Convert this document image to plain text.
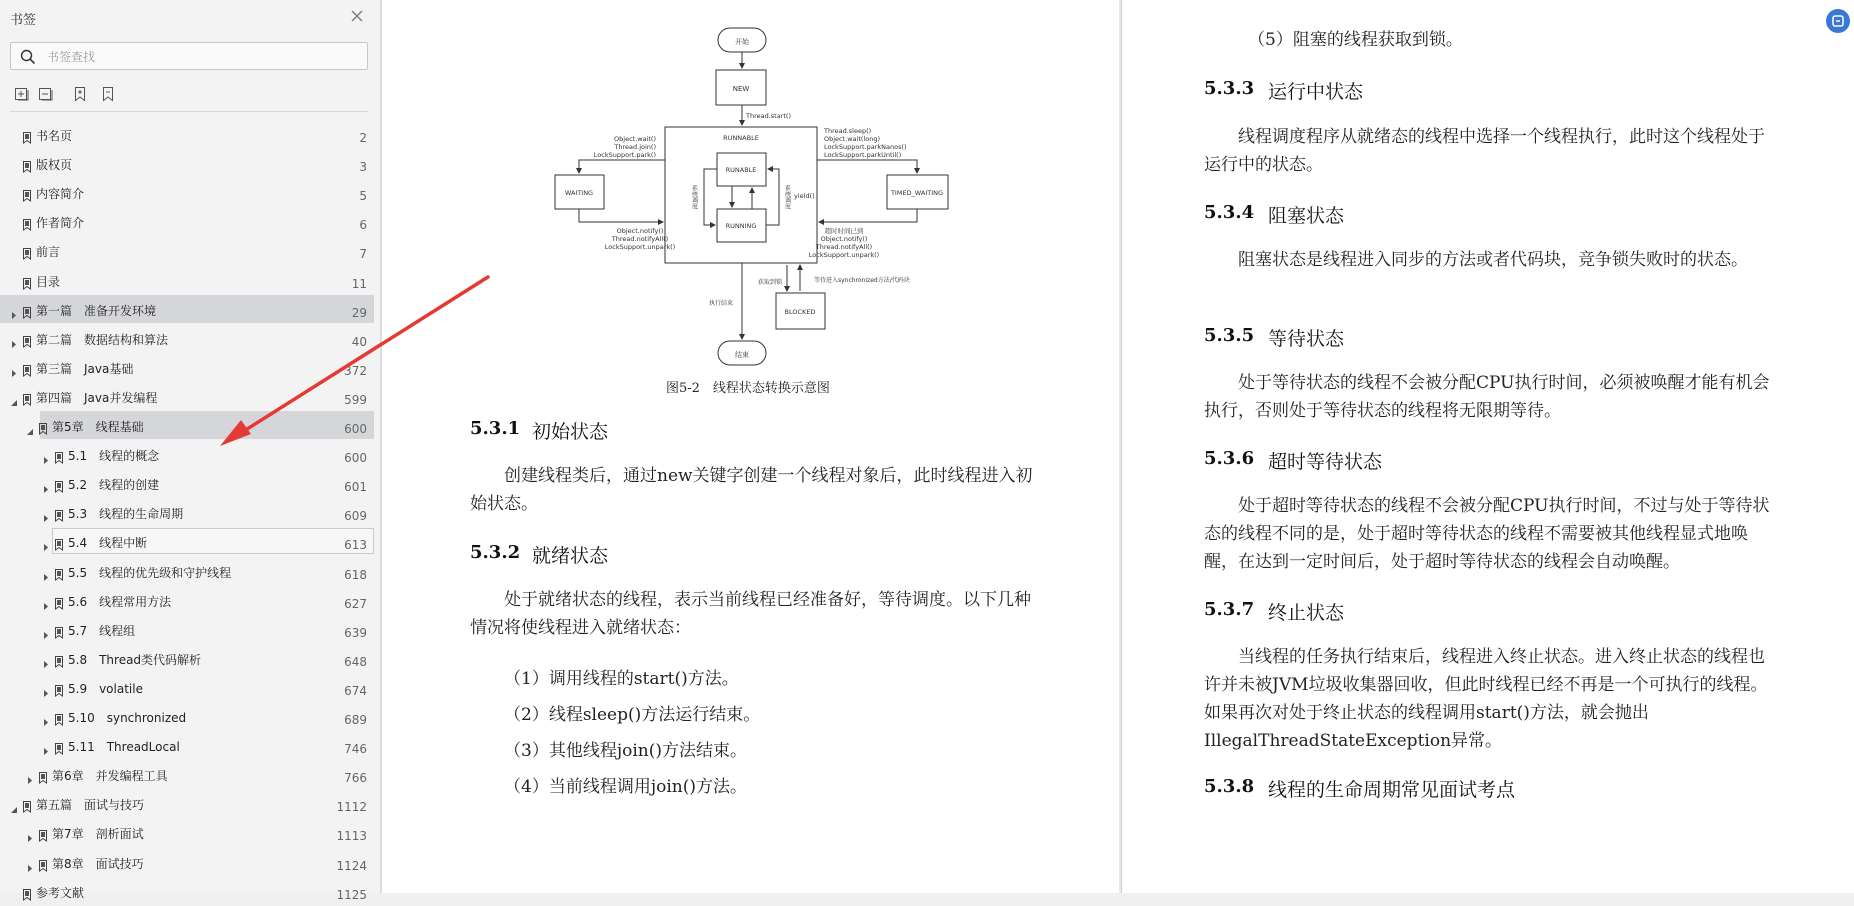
书签
书签查找
书名页	2
版权页	3
内容简介	5
作者简介	6
前言	7
目录	11
第一篇　准备开发环境	29
第二篇　数据结构和算法	40
第三篇　Java基础	372
第四篇　Java并发编程	599
第5章　线程基础	600
5.1　线程的概念	600
5.2　线程的创建	601
5.3　线程的生命周期	609
5.4　线程中断	613
5.5　线程的优先级和守护线程	618
5.6　线程常用方法	627
5.7　线程组	639
5.8　Thread类代码解析	648
5.9　volatile	674
5.10　synchronized	689
5.11　ThreadLocal	746
第6章　并发编程工具	766
第五篇　面试与技巧	1112
第7章　剖析面试	1113
第8章　面试技巧	1124
参考文献	1125
开始
NEW
Thread.start()
RUNNABLE
RUNABLE
RUNNING
系统调度	系统调度 yield()
WAITING	TIMED_WAITING
BLOCKED
结束
Object.wait()
Thread.join()
LockSupport.park()
Object.notify()
Thread.notifyAll()
LockSupport.unpark()
Thread.sleep()
Object.wait(long)
LockSupport.parkNanos()
LockSupport.parkUntil()
超时时间已到
Object.notify()
Thread.notifyAll()
LockSupport.unpark()
执行结束
获取到锁	等待进入synchronized方法/代码块
图5-2　线程状态转换示意图
5.3.1 初始状态
创建线程类后，通过new关键字创建一个线程对象后，此时线程进入初始状态。
5.3.2 就绪状态
处于就绪状态的线程，表示当前线程已经准备好，等待调度。以下几种情况将使线程进入就绪状态：
（1）调用线程的start()方法。
（2）线程sleep()方法运行结束。
（3）其他线程join()方法结束。
（4）当前线程调用join()方法。
（5）阻塞的线程获取到锁。
5.3.3 运行中状态
线程调度程序从就绪态的线程中选择一个线程执行，此时这个线程处于运行中的状态。
5.3.4 阻塞状态
阻塞状态是线程进入同步的方法或者代码块，竞争锁失败时的状态。
5.3.5 等待状态
处于等待状态的线程不会被分配CPU执行时间，必须被唤醒才能有机会执行，否则处于等待状态的线程将无限期等待。
5.3.6 超时等待状态
处于超时等待状态的线程不会被分配CPU执行时间，不过与处于等待状态的线程不同的是，处于超时等待状态的线程不需要被其他线程显式地唤醒，在达到一定时间后，处于超时等待状态的线程会自动唤醒。
5.3.7 终止状态
当线程的任务执行结束后，线程进入终止状态。进入终止状态的线程也许并未被JVM垃圾收集器回收，但此时线程已经不再是一个可执行的线程。如果再次对处于终止状态的线程调用start()方法，就会抛出IllegalThreadStateException异常。
5.3.8 线程的生命周期常见面试考点
